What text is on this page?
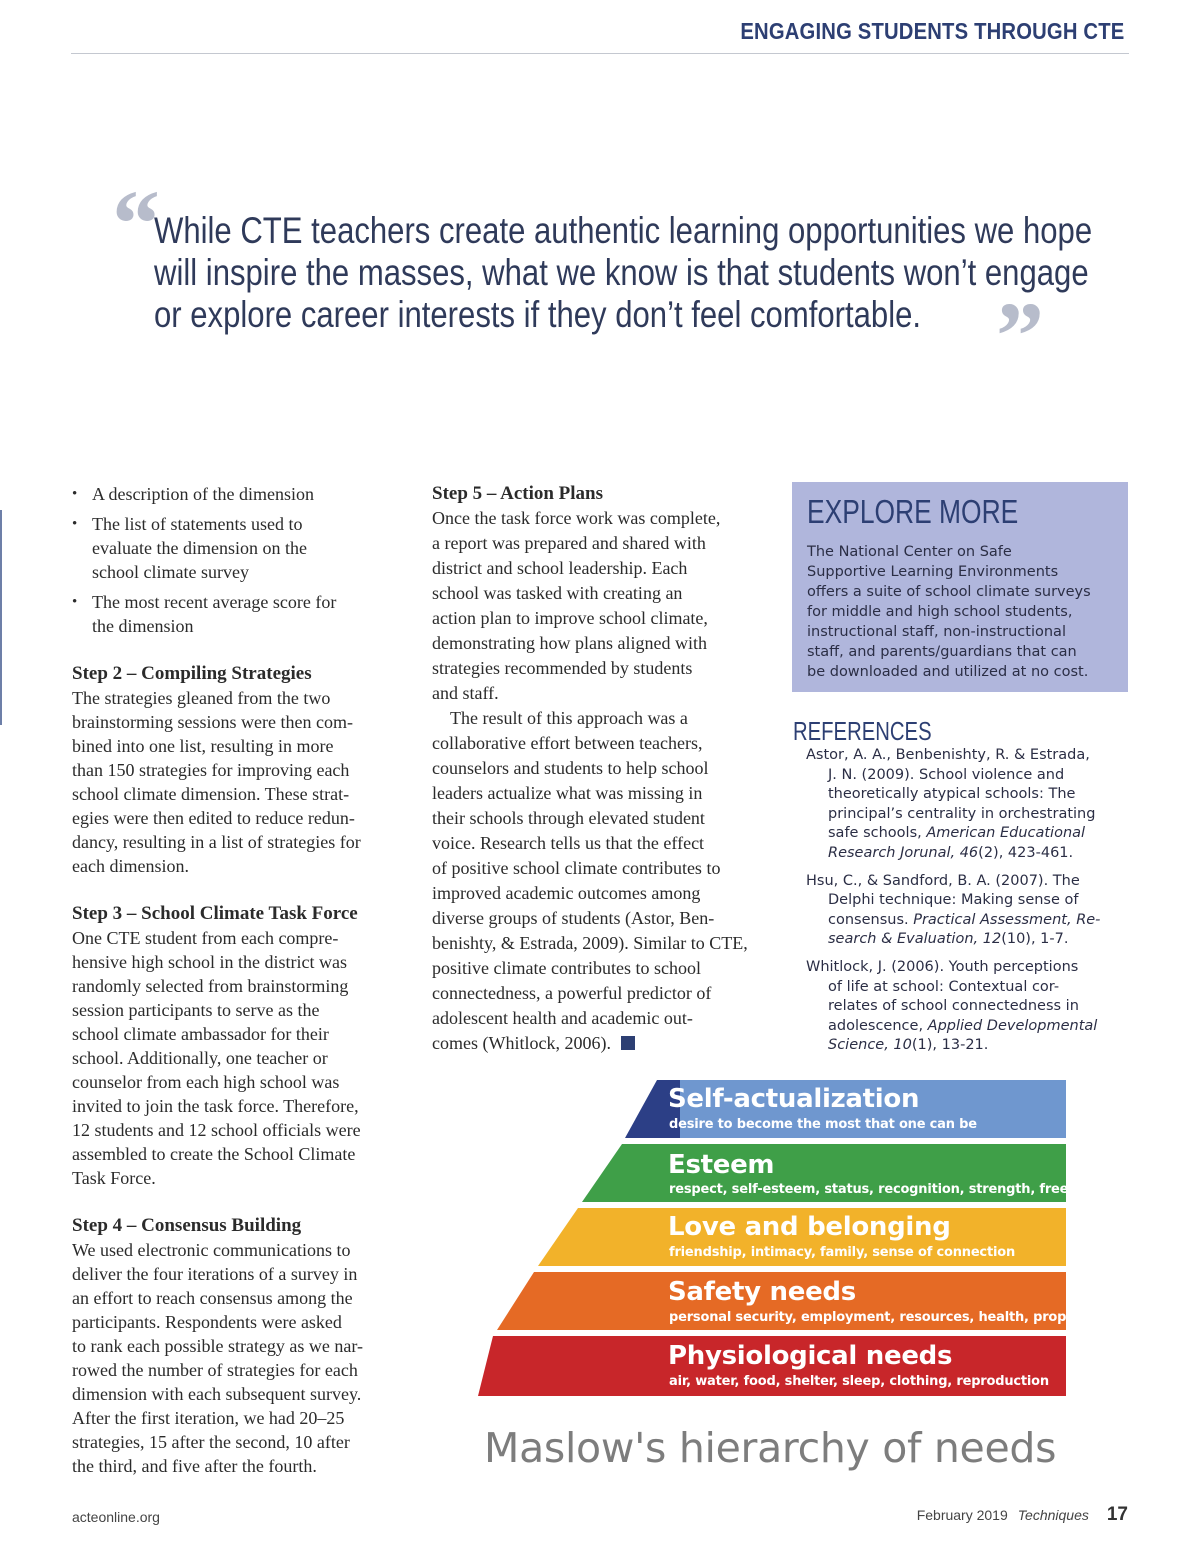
ENGAGING STUDENTS THROUGH CTE
“
While CTE teachers create authentic learning opportunities we hope
will inspire the masses, what we know is that students won’t engage
or explore career interests if they don’t feel comfortable. ”
• A description of the dimension
• The list of statements used to
evaluate the dimension on the
school climate survey
• The most recent average score for
the dimension
Step 2 – Compiling Strategies

The strategies gleaned from the two
brainstorming sessions were then com-
bined into one list, resulting in more
than 150 strategies for improving each
school climate dimension. These strat-
egies were then edited to reduce redun-
dancy, resulting in a list of strategies for
each dimension.

Step 3 – School Climate Task Force

One CTE student from each compre-
hensive high school in the district was
randomly selected from brainstorming
session participants to serve as the
school climate ambassador for their
school. Additionally, one teacher or
counselor from each high school was
invited to join the task force. Therefore,
12 students and 12 school officials were
assembled to create the School Climate
Task Force.

Step 4 – Consensus Building

We used electronic communications to
deliver the four iterations of a survey in
an effort to reach consensus among the
participants. Respondents were asked
to rank each possible strategy as we nar-
rowed the number of strategies for each
dimension with each subsequent survey.
After the first iteration, we had 20–25
strategies, 15 after the second, 10 after
the third, and five after the fourth.

Step 5 – Action Plans

Once the task force work was complete,
a report was prepared and shared with
district and school leadership. Each
school was tasked with creating an
action plan to improve school climate,
demonstrating how plans aligned with
strategies recommended by students
and staff.

The result of this approach was a
collaborative effort between teachers,
counselors and students to help school
leaders actualize what was missing in
their schools through elevated student
voice. Research tells us that the effect
of positive school climate contributes to
improved academic outcomes among
diverse groups of students (Astor, Ben-
benishty, & Estrada, 2009). Similar to CTE,
positive climate contributes to school
connectedness, a powerful predictor of
adolescent health and academic out-
comes (Whitlock, 2006).

EXPLORE MORE
The National Center on Safe
Supportive Learning Environments
offers a suite of school climate surveys
for middle and high school students,
instructional staff, non-instructional
staff, and parents/guardians that can
be downloaded and utilized at no cost.
REFERENCES
Astor, A. A., Benbenishty, R. & Estrada,
J. N. (2009). School violence and
theoretically atypical schools: The
principal’s centrality in orchestrating
safe schools, American Educational
Research Jorunal, 46(2), 423-461.
Hsu, C., & Sandford, B. A. (2007). The
Delphi technique: Making sense of
consensus. Practical Assessment, Re-
search & Evaluation, 12(10), 1-7.
Whitlock, J. (2006). Youth perceptions
of life at school: Contextual cor-
relates of school connectedness in
adolescence, Applied Developmental
Science, 10(1), 13-21.
Self-actualization
desire to become the most that one can be
Esteem
respect, self-esteem, status, recognition, strength, freedom
Love and belonging
friendship, intimacy, family, sense of connection
Safety needs
personal security, employment, resources, health, property
Physiological needs
air, water, food, shelter, sleep, clothing, reproduction
Maslow's hierarchy of needs
acteonline.org	February 2019 Techniques 17
